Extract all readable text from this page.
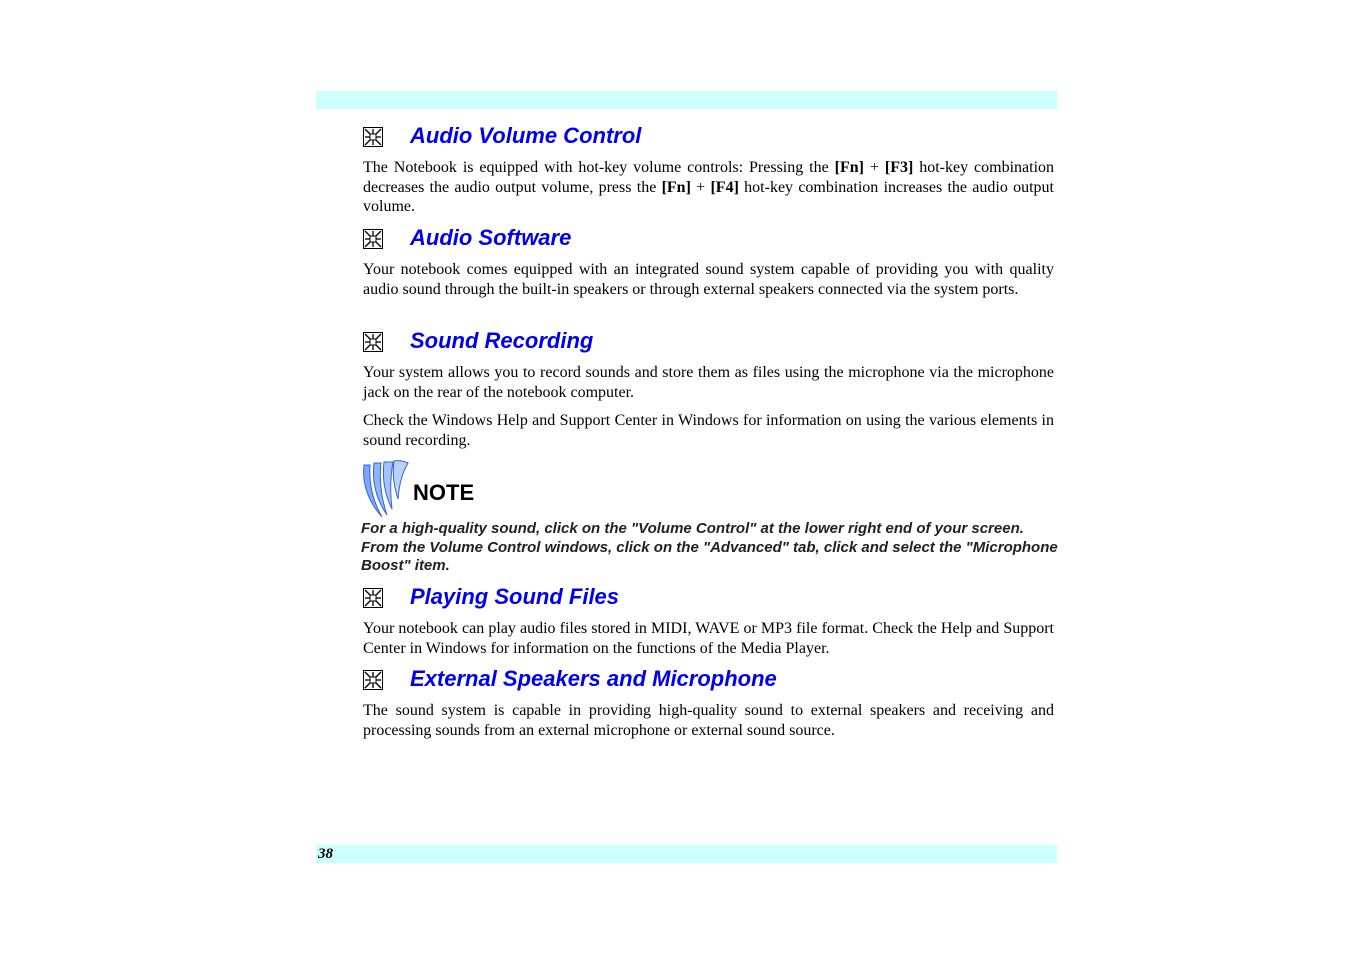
Audio Volume Control

The Notebook is equipped with hot-key volume controls: Pressing the [Fn] + [F3] hot-key combination decreases the audio output volume, press the [Fn] + [F4] hot-key combination increases the audio output volume.

Audio Software

Your notebook comes equipped with an integrated sound system capable of providing you with quality audio sound through the built-in speakers or through external speakers connected via the system ports.

Sound Recording

Your system allows you to record sounds and store them as files using the microphone via the microphone jack on the rear of the notebook computer.

Check the Windows Help and Support Center in Windows for information on using the various elements in sound recording.

NOTE

For a high-quality sound, click on the "Volume Control" at the lower right end of your screen. From the Volume Control windows, click on the "Advanced" tab, click and select the "Microphone Boost" item.

Playing Sound Files

Your notebook can play audio files stored in MIDI, WAVE or MP3 file format. Check the Help and Support Center in Windows for information on the functions of the Media Player.

External Speakers and Microphone

The sound system is capable in providing high-quality sound to external speakers and receiving and processing sounds from an external microphone or external sound source.

38
